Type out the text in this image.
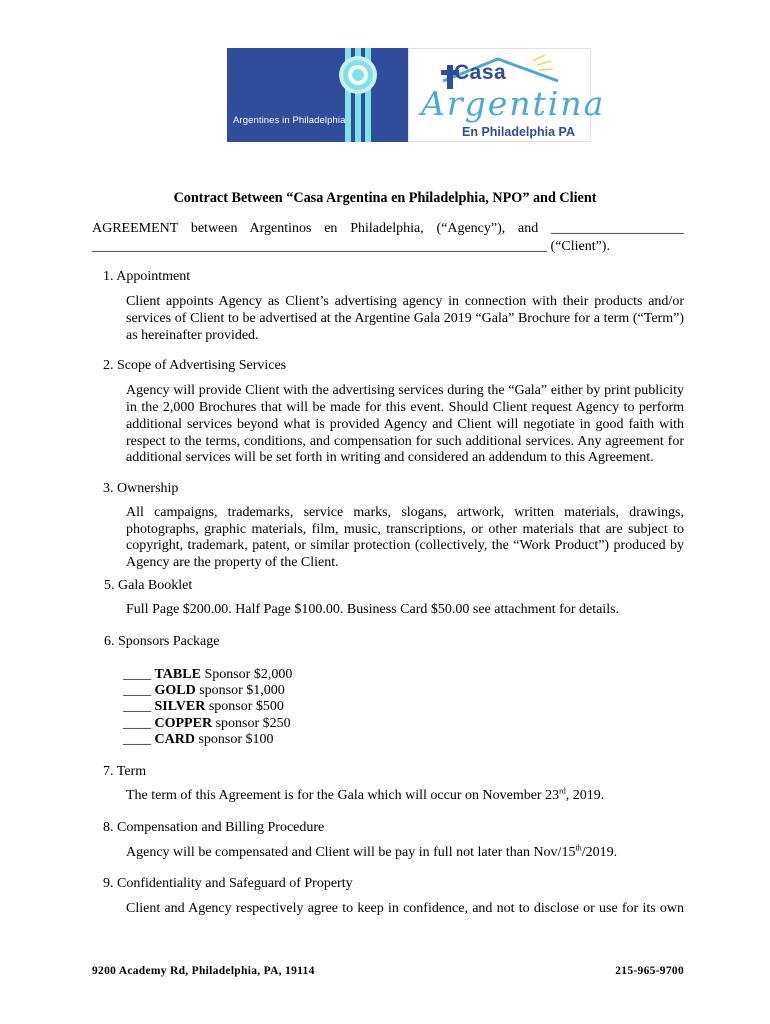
Argentines in Philadelphia
Casa
Argentina
En Philadelphia PA
Contract Between “Casa Argentina en Philadelphia, NPO” and Client
AGREEMENT between Argentinos en Philadelphia, (“Agency”), and ___________________
_________________________________________________________________ (“Client”).
1. Appointment
Client appoints Agency as Client’s advertising agency in connection with their products and/or
services of Client to be advertised at the Argentine Gala 2019 “Gala” Brochure for a term (“Term”)
as hereinafter provided.
2. Scope of Advertising Services
Agency will provide Client with the advertising services during the “Gala” either by print publicity
in the 2,000 Brochures that will be made for this event. Should Client request Agency to perform
additional services beyond what is provided Agency and Client will negotiate in good faith with
respect to the terms, conditions, and compensation for such additional services. Any agreement for
additional services will be set forth in writing and considered an addendum to this Agreement.
3. Ownership
All campaigns, trademarks, service marks, slogans, artwork, written materials, drawings,
photographs, graphic materials, film, music, transcriptions, or other materials that are subject to
copyright, trademark, patent, or similar protection (collectively, the “Work Product”) produced by
Agency are the property of the Client.
5. Gala Booklet
Full Page $200.00. Half Page $100.00. Business Card $50.00 see attachment for details.
6. Sponsors Package
____ TABLE Sponsor $2,000
____ GOLD sponsor $1,000
____ SILVER sponsor $500
____ COPPER sponsor $250
____ CARD sponsor $100
7. Term
The term of this Agreement is for the Gala which will occur on November 23rd, 2019.
8. Compensation and Billing Procedure
Agency will be compensated and Client will be pay in full not later than Nov/15th/2019.
9. Confidentiality and Safeguard of Property
Client and Agency respectively agree to keep in confidence, and not to disclose or use for its own
9200 Academy Rd, Philadelphia, PA, 19114	215-965-9700
